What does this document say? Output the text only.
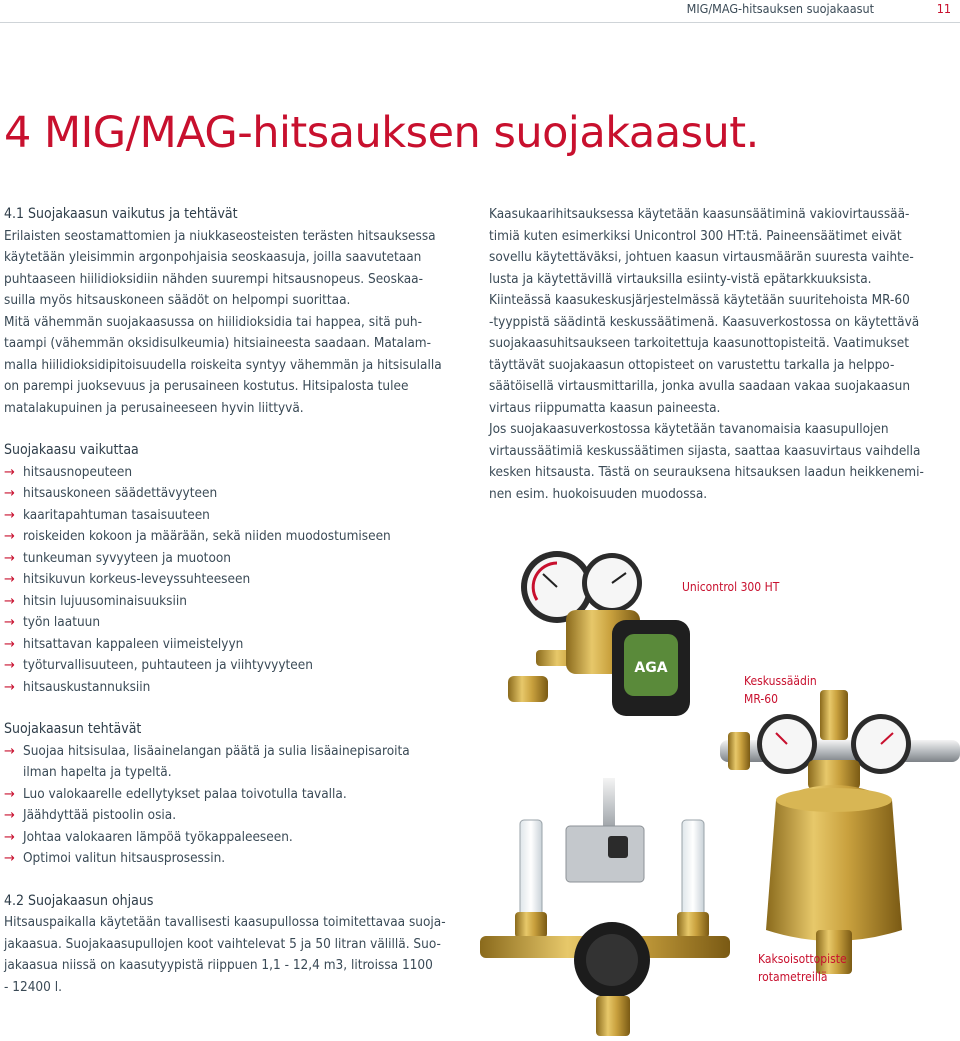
MIG/MAG-hitsauksen suojakaasut	11
4 MIG/MAG-hitsauksen suojakaasut.

4.1 Suojakaasun vaikutus ja tehtävät

Erilaisten seostamattomien ja niukkaseosteisten terästen hitsauksessa

käytetään yleisimmin argonpohjaisia seoskaasuja, joilla saavutetaan

puhtaaseen hiilidioksidiin nähden suurempi hitsausnopeus. Seoskaa-

suilla myös hitsauskoneen säädöt on helpompi suorittaa.

Mitä vähemmän suojakaasussa on hiilidioksidia tai happea, sitä puh-

taampi (vähemmän oksidisulkeumia) hitsiaineesta saadaan. Matalam-

malla hiilidioksidipitoisuudella roiskeita syntyy vähemmän ja hitsisulalla

on parempi juoksevuus ja perusaineen kostutus. Hitsipalosta tulee

matalakupuinen ja perusaineeseen hyvin liittyvä.

Suojakaasu vaikuttaa

→ hitsausnopeuteen
→ hitsauskoneen säädettävyyteen
→ kaaritapahtuman tasaisuuteen
→ roiskeiden kokoon ja määrään, sekä niiden muodostumiseen
→ tunkeuman syvyyteen ja muotoon
→ hitsikuvun korkeus-leveyssuhteeseen
→ hitsin lujuusominaisuuksiin
→ työn laatuun
→ hitsattavan kappaleen viimeistelyyn
→ työturvallisuuteen, puhtauteen ja viihtyvyyteen
→ hitsauskustannuksiin

Suojakaasun tehtävät

→ Suojaa hitsisulaa, lisäainelangan päätä ja sulia lisäainepisaroita
ilman hapelta ja typeltä.
→ Luo valokaarelle edellytykset palaa toivotulla tavalla.
→ Jäähdyttää pistoolin osia.
→ Johtaa valokaaren lämpöä työkappaleeseen.
→ Optimoi valitun hitsausprosessin.

4.2 Suojakaasun ohjaus

Hitsauspaikalla käytetään tavallisesti kaasupullossa toimitettavaa suoja-

jakaasua. Suojakaasupullojen koot vaihtelevat 5 ja 50 litran välillä. Suo-

jakaasua niissä on kaasutyypistä riippuen 1,1 - 12,4 m3, litroissa 1100

- 12400 l.

Kaasukaarihitsauksessa käytetään kaasunsäätiminä vakiovirtaussää-

timiä kuten esimerkiksi Unicontrol 300 HT:tä. Paineensäätimet eivät

sovellu käytettäväksi, johtuen kaasun virtausmäärän suuresta vaihte-

lusta ja käytettävillä virtauksilla esiinty-vistä epätarkkuuksista.

Kiinteässä kaasukeskusjärjestelmässä käytetään suuritehoista MR-60

-tyyppistä säädintä keskussäätimenä. Kaasuverkostossa on käytettävä

suojakaasuhitsaukseen tarkoitettuja kaasunottopisteitä. Vaatimukset

täyttävät suojakaasun ottopisteet on varustettu tarkalla ja helppo-

säätöisellä virtausmittarilla, jonka avulla saadaan vakaa suojakaasun

virtaus riippumatta kaasun paineesta.

Jos suojakaasuverkostossa käytetään tavanomaisia kaasupullojen

virtaussäätimiä keskussäätimen sijasta, saattaa kaasuvirtaus vaihdella

kesken hitsausta. Tästä on seurauksena hitsauksen laadun heikkenemi-

nen esim. huokoisuuden muodossa.

AGA
Unicontrol 300 HT
Keskussäädin
MR-60
Kaksoisottopiste
rotametreillä
